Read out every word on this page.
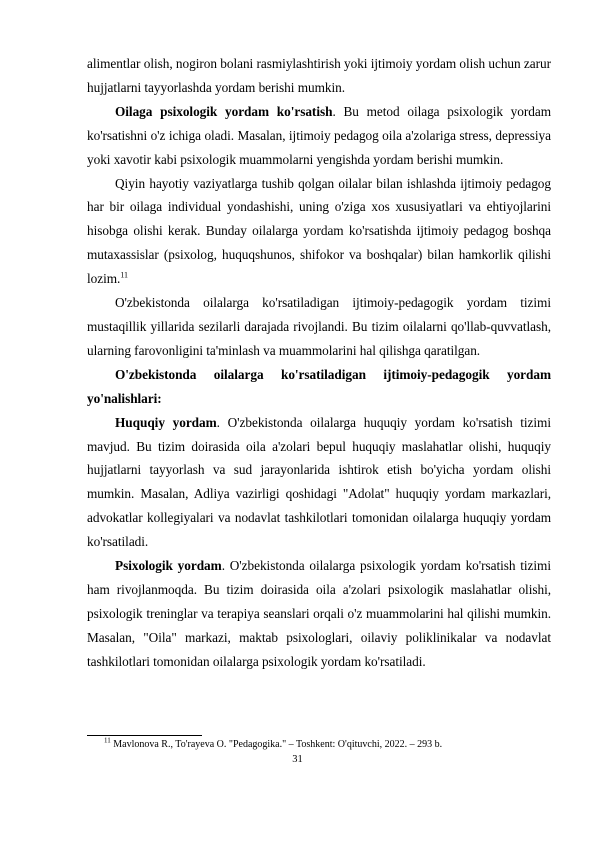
alimentlar olish, nogiron bolani rasmiylashtirish yoki ijtimoiy yordam olish uchun zarur hujjatlarni tayyorlashda yordam berishi mumkin.

Oilaga psixologik yordam ko'rsatish. Bu metod oilaga psixologik yordam ko'rsatishni o'z ichiga oladi. Masalan, ijtimoiy pedagog oila a'zolariga stress, depressiya yoki xavotir kabi psixologik muammolarni yengishda yordam berishi mumkin.

Qiyin hayotiy vaziyatlarga tushib qolgan oilalar bilan ishlashda ijtimoiy pedagog har bir oilaga individual yondashishi, uning o'ziga xos xususiyatlari va ehtiyojlarini hisobga olishi kerak. Bunday oilalarga yordam ko'rsatishda ijtimoiy pedagog boshqa mutaxassislar (psixolog, huquqshunos, shifokor va boshqalar) bilan hamkorlik qilishi lozim.$^{11}$

O'zbekistonda oilalarga ko'rsatiladigan ijtimoiy-pedagogik yordam tizimi mustaqillik yillarida sezilarli darajada rivojlandi. Bu tizim oilalarni qo'llab-quvvatlash, ularning farovonligini ta'minlash va muammolarini hal qilishga qaratilgan.

O'zbekistonda oilalarga ko'rsatiladigan ijtimoiy-pedagogik yordam yo'nalishlari:

Huquqiy yordam. O'zbekistonda oilalarga huquqiy yordam ko'rsatish tizimi mavjud. Bu tizim doirasida oila a'zolari bepul huquqiy maslahatlar olishi, huquqiy hujjatlarni tayyorlash va sud jarayonlarida ishtirok etish bo'yicha yordam olishi mumkin. Masalan, Adliya vazirligi qoshidagi "Adolat" huquqiy yordam markazlari, advokatlar kollegiyalari va nodavlat tashkilotlari tomonidan oilalarga huquqiy yordam ko'rsatiladi.

Psixologik yordam. O'zbekistonda oilalarga psixologik yordam ko'rsatish tizimi ham rivojlanmoqda. Bu tizim doirasida oila a'zolari psixologik maslahatlar olishi, psixologik treninglar va terapiya seanslari orqali o'z muammolarini hal qilishi mumkin. Masalan, "Oila" markazi, maktab psixologlari, oilaviy poliklinikalar va nodavlat tashkilotlari tomonidan oilalarga psixologik yordam ko'rsatiladi.

$^{11}$ Mavlonova R., To'rayeva O. "Pedagogika." – Toshkent: O'qituvchi, 2022. – 293 b.
31
